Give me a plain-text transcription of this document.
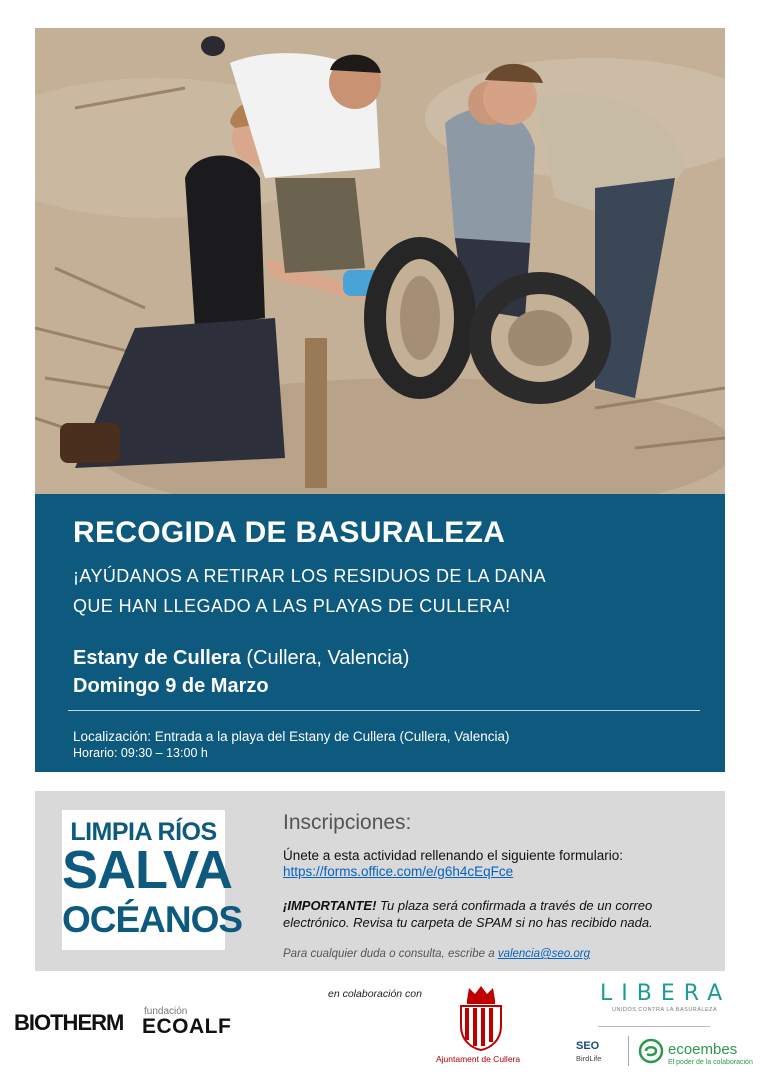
RECOGIDA DE BASURALEZA
¡AYÚDANOS A RETIRAR LOS RESIDUOS DE LA DANA
QUE HAN LLEGADO A LAS PLAYAS DE CULLERA!
Estany de Cullera (Cullera, Valencia)
Domingo 9 de Marzo
Localización: Entrada a la playa del Estany de Cullera (Cullera, Valencia)
Horario: 09:30 – 13:00 h
LIMPIA RÍOS
SALVA
OCÉANOS
Inscripciones:
Únete a esta actividad rellenando el siguiente formulario:
https://forms.office.com/e/g6h4cEqFce
¡IMPORTANTE! Tu plaza será confirmada a través de un correo electrónico. Revisa tu carpeta de SPAM si no has recibido nada.
Para cualquier duda o consulta, escribe a valencia@seo.org
en colaboración con
BIOTHERM fundación
ECOALF
Ajuntament de Cullera
LIBERA
UNIDOS CONTRA LA BASURALEZA
SEO
BirdLife
ecoembes
El poder de la colaboración
